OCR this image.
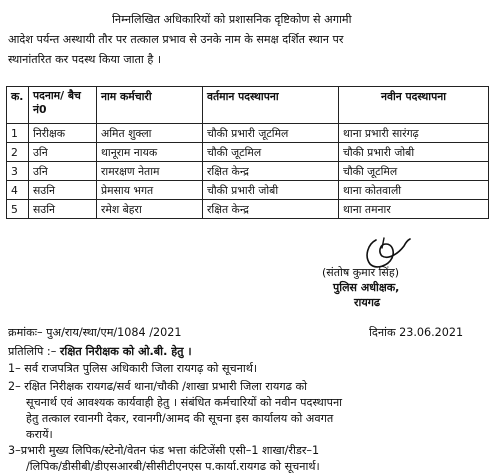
निम्नलिखित अधिकारियों को प्रशासनिक दृष्टिकोण से अगामी
आदेश पर्यन्त अस्थायी तौर पर तत्काल प्रभाव से उनके नाम के समक्ष दर्शित स्थान पर
स्थानांतरित कर पदस्थ किया जाता है ।
क.	पदनाम/ बैच नं0	नाम कर्मचारी	वर्तमान पदस्थापना	नवीन पदस्थापना
1	निरीक्षक	अमित शुक्ला	चौकी प्रभारी जूटमिल	थाना प्रभारी सारंगढ़
2	उनि	थानूराम नायक	चौकी जूटमिल	चौकी प्रभारी जोबी
3	उनि	रामरक्षण नेताम	रक्षित केन्द्र	चौकी जूटमिल
4	सउनि	प्रेमसाय भगत	चौकी प्रभारी जोबी	थाना कोतवाली
5	सउनि	रमेश बेहरा	रक्षित केन्द्र	थाना तमनार
(संतोष कुमार सिंह)
पुलिस अधीक्षक,
रायगढ
क्रमांकः– पुअ/राय/स्था/एम/1084 /2021	दिनांक 23.06.2021
प्रतिलिपि :– रक्षित निरीक्षक को ओ.बी. हेतु ।
1– सर्व राजपत्रित पुलिस अधिकारी जिला रायगढ़ को सूचनार्थ।
2– रक्षित निरीक्षक रायगढ/सर्व थाना/चौकी /शाखा प्रभारी जिला रायगढ को
सूचनार्थ एवं आवश्यक कार्यवाही हेतु । संबंधित कर्मचारियों को नवीन पदस्थापना
हेतु तत्काल रवानगी देकर, रवानगी/आमद की सूचना इस कार्यालय को अवगत
करायें।
3–प्रभारी मुख्य लिपिक/स्टेनो/वेतन फंड भत्ता कंटिजेंसी एसी–1 शाखा/रीडर–1
/लिपिक/डीसीबी/डीएसआरबी/सीसीटीएनएस प.कार्या.रायगढ को सूचनार्थ।
